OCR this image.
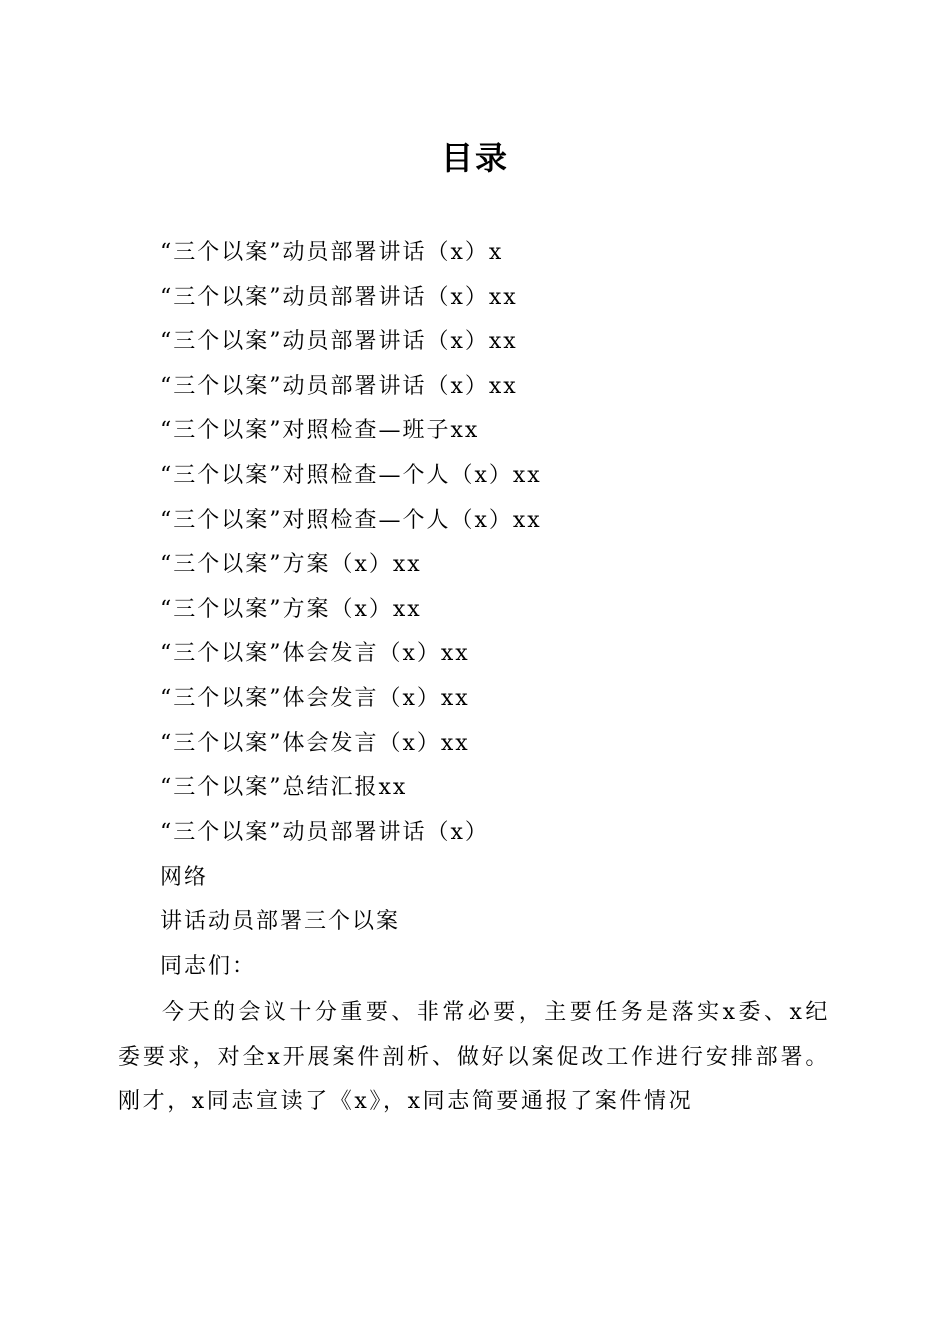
目录
“三个以案”动员部署讲话（x）x
“三个以案”动员部署讲话（x）xx
“三个以案”动员部署讲话（x）xx
“三个以案”动员部署讲话（x）xx
“三个以案”对照检查—班子xx
“三个以案”对照检查—个人（x）xx
“三个以案”对照检查—个人（x）xx
“三个以案”方案（x）xx
“三个以案”方案（x）xx
“三个以案”体会发言（x）xx
“三个以案”体会发言（x）xx
“三个以案”体会发言（x）xx
“三个以案”总结汇报xx
“三个以案”动员部署讲话（x）
网络
讲话动员部署三个以案
同志们：

今天的会议十分重要、非常必要，主要任务是落实x委、x纪委要求，对全x开展案件剖析、做好以案促改工作进行安排部署。刚才，x同志宣读了《x》，x同志简要通报了案件情况
